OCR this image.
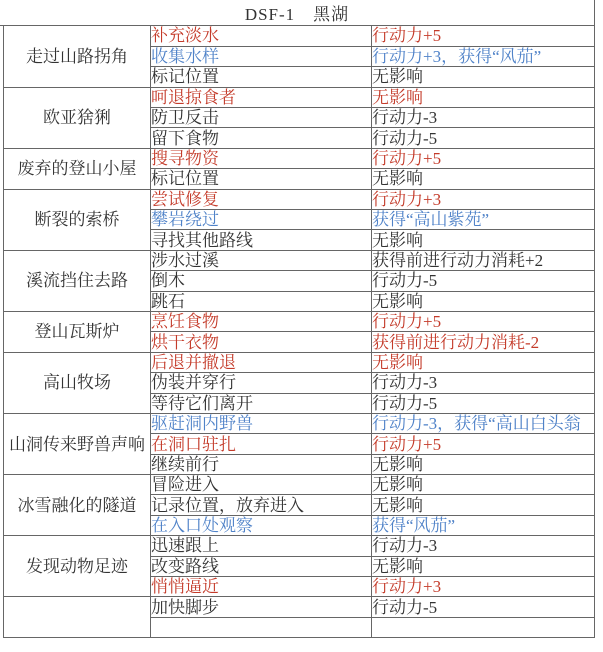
DSF-1　黑湖
走过山路拐角	补充淡水	行动力+5
	收集水样	行动力+3，获得“风茄”
	标记位置	无影响
欧亚猞猁	呵退掠食者	无影响
	防卫反击	行动力-3
	留下食物	行动力-5
废弃的登山小屋	搜寻物资	行动力+5
	标记位置	无影响
断裂的索桥	尝试修复	行动力+3
	攀岩绕过	获得“高山紫苑”
	寻找其他路线	无影响
溪流挡住去路	涉水过溪	获得前进行动力消耗+2
	倒木	行动力-5
	跳石	无影响
登山瓦斯炉	烹饪食物	行动力+5
	烘干衣物	获得前进行动力消耗-2
高山牧场	后退并撤退	无影响
	伪装并穿行	行动力-3
	等待它们离开	行动力-5
山洞传来野兽声响	驱赶洞内野兽	行动力-3，获得“高山白头翁
	在洞口驻扎	行动力+5
	继续前行	无影响
冰雪融化的隧道	冒险进入	无影响
	记录位置，放弃进入	无影响
	在入口处观察	获得“风茄”
发现动物足迹	迅速跟上	行动力-3
	改变路线	无影响
	悄悄逼近	行动力+3
	加快脚步	行动力-5
